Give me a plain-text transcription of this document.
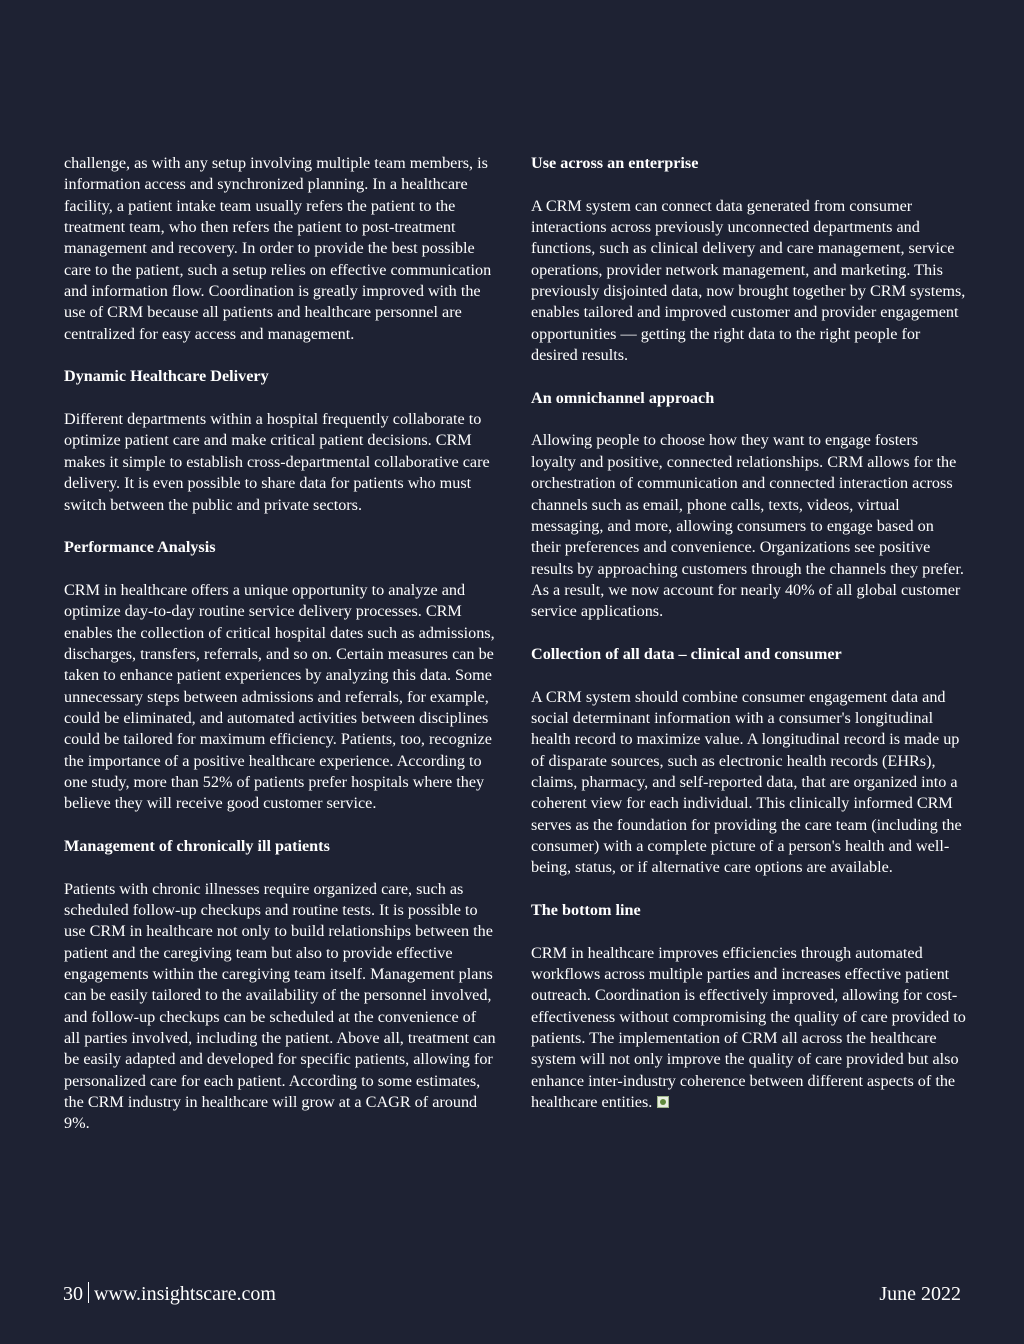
challenge, as with any setup involving multiple team members, is information access and synchronized planning. In a healthcare facility, a patient intake team usually refers the patient to the treatment team, who then refers the patient to post-treatment management and recovery. In order to provide the best possible care to the patient, such a setup relies on effective communication and information flow. Coordination is greatly improved with the use of CRM because all patients and healthcare personnel are centralized for easy access and management.

Dynamic Healthcare Delivery

Different departments within a hospital frequently collaborate to optimize patient care and make critical patient decisions. CRM makes it simple to establish cross-departmental collaborative care delivery. It is even possible to share data for patients who must switch between the public and private sectors.

Performance Analysis

CRM in healthcare offers a unique opportunity to analyze and optimize day-to-day routine service delivery processes. CRM enables the collection of critical hospital dates such as admissions, discharges, transfers, referrals, and so on. Certain measures can be taken to enhance patient experiences by analyzing this data. Some unnecessary steps between admissions and referrals, for example, could be eliminated, and automated activities between disciplines could be tailored for maximum efficiency. Patients, too, recognize the importance of a positive healthcare experience. According to one study, more than 52% of patients prefer hospitals where they believe they will receive good customer service.

Management of chronically ill patients

Patients with chronic illnesses require organized care, such as scheduled follow-up checkups and routine tests. It is possible to use CRM in healthcare not only to build relationships between the patient and the caregiving team but also to provide effective engagements within the caregiving team itself. Management plans can be easily tailored to the availability of the personnel involved, and follow-up checkups can be scheduled at the convenience of all parties involved, including the patient. Above all, treatment can be easily adapted and developed for specific patients, allowing for personalized care for each patient. According to some estimates, the CRM industry in healthcare will grow at a CAGR of around 9%.

Use across an enterprise

A CRM system can connect data generated from consumer interactions across previously unconnected departments and functions, such as clinical delivery and care management, service operations, provider network management, and marketing. This previously disjointed data, now brought together by CRM systems, enables tailored and improved customer and provider engagement opportunities — getting the right data to the right people for desired results.

An omnichannel approach

Allowing people to choose how they want to engage fosters loyalty and positive, connected relationships. CRM allows for the orchestration of communication and connected interaction across channels such as email, phone calls, texts, videos, virtual messaging, and more, allowing consumers to engage based on their preferences and convenience. Organizations see positive results by approaching customers through the channels they prefer. As a result, we now account for nearly 40% of all global customer service applications.

Collection of all data – clinical and consumer

A CRM system should combine consumer engagement data and social determinant information with a consumer's longitudinal health record to maximize value. A longitudinal record is made up of disparate sources, such as electronic health records (EHRs), claims, pharmacy, and self-reported data, that are organized into a coherent view for each individual. This clinically informed CRM serves as the foundation for providing the care team (including the consumer) with a complete picture of a person's health and well-being, status, or if alternative care options are available.

The bottom line

CRM in healthcare improves efficiencies through automated workflows across multiple parties and increases effective patient outreach. Coordination is effectively improved, allowing for cost-effectiveness without compromising the quality of care provided to patients. The implementation of CRM all across the healthcare system will not only improve the quality of care provided but also enhance inter-industry coherence between different aspects of the healthcare entities.

30 www.insightscare.com	June 2022
